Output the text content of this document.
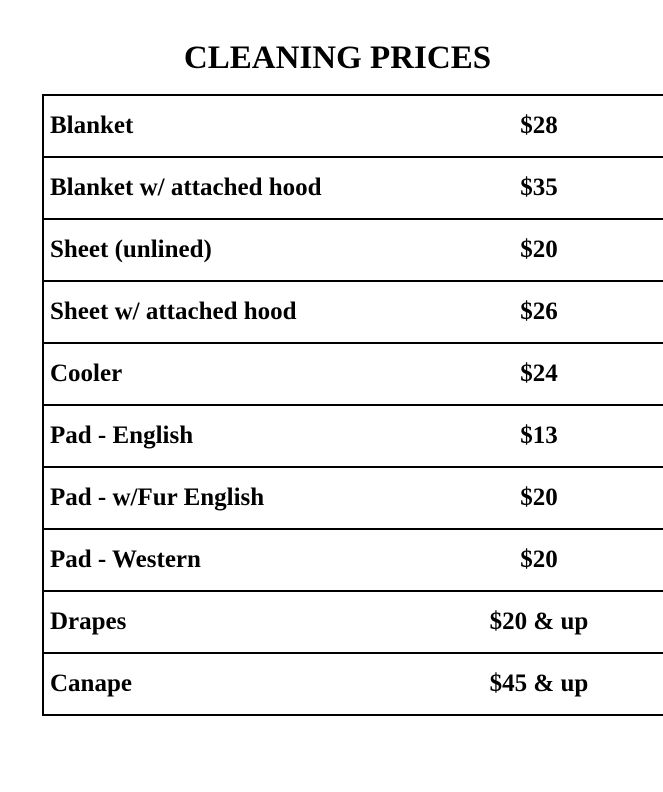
CLEANING PRICES
Blanket	$28
Blanket w/ attached hood	$35
Sheet (unlined)	$20
Sheet w/ attached hood	$26
Cooler	$24
Pad - English	$13
Pad - w/Fur English	$20
Pad - Western	$20
Drapes	$20 & up
Canape	$45 & up
